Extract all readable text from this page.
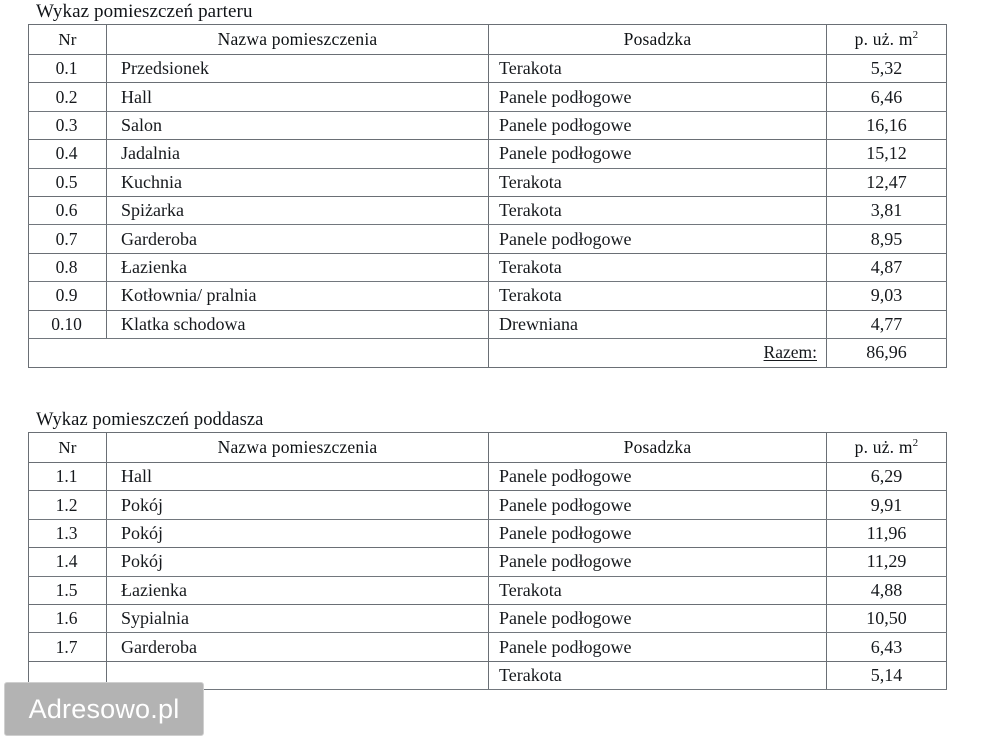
Wykaz pomieszczeń parteru
Nr	Nazwa pomieszczenia	Posadzka	p. uż. $m^2$
0.1	Przedsionek	Terakota	5,32
0.2	Hall	Panele podłogowe	6,46
0.3	Salon	Panele podłogowe	16,16
0.4	Jadalnia	Panele podłogowe	15,12
0.5	Kuchnia	Terakota	12,47
0.6	Spiżarka	Terakota	3,81
0.7	Garderoba	Panele podłogowe	8,95
0.8	Łazienka	Terakota	4,87
0.9	Kotłownia/ pralnia	Terakota	9,03
0.10	Klatka schodowa	Drewniana	4,77
		Razem:	86,96
Wykaz pomieszczeń poddasza
Nr	Nazwa pomieszczenia	Posadzka	p. uż. $m^2$
1.1	Hall	Panele podłogowe	6,29
1.2	Pokój	Panele podłogowe	9,91
1.3	Pokój	Panele podłogowe	11,96
1.4	Pokój	Panele podłogowe	11,29
1.5	Łazienka	Terakota	4,88
1.6	Sypialnia	Panele podłogowe	10,50
1.7	Garderoba	Panele podłogowe	6,43
		Terakota	5,14
Adresowo.pl
